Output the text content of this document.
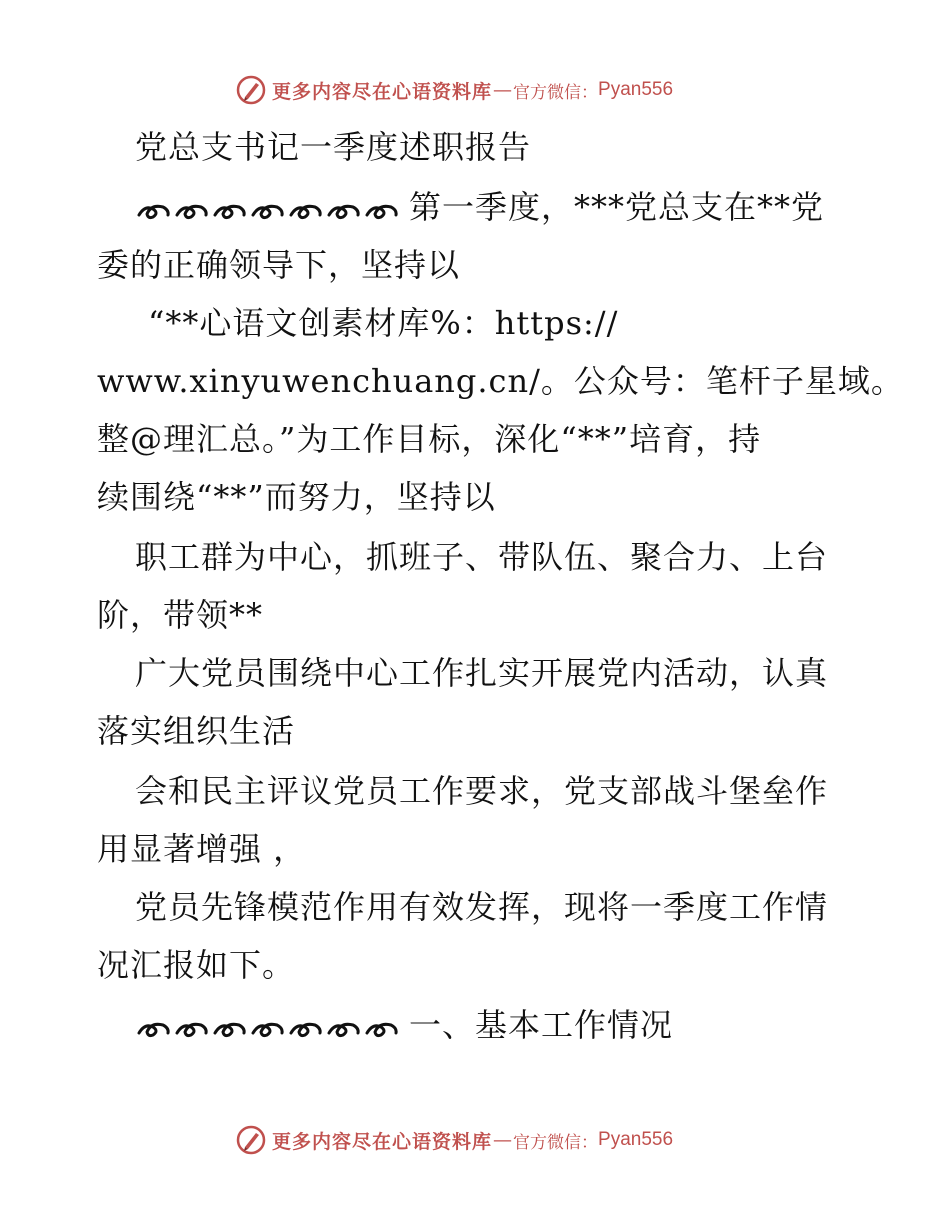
更多内容尽在心语资料库 — 官方微信： Pyan556
党总支书记一季度述职报告
第一季度，***党总支在**党
委的正确领导下，坚持以
“**心语文创素材库%：https://
www.xinyuwenchuang.cn/。公众号：笔杆子星域。
整@理汇总。”为工作目标，深化“**”培育，持
续围绕“**”而努力，坚持以
职工群为中心，抓班子、带队伍、聚合力、上台
阶，带领**
广大党员围绕中心工作扎实开展党内活动，认真
落实组织生活
会和民主评议党员工作要求，党支部战斗堡垒作
用显著增强 ，
党员先锋模范作用有效发挥，现将一季度工作情
况汇报如下。
一、基本工作情况
更多内容尽在心语资料库 — 官方微信： Pyan556
